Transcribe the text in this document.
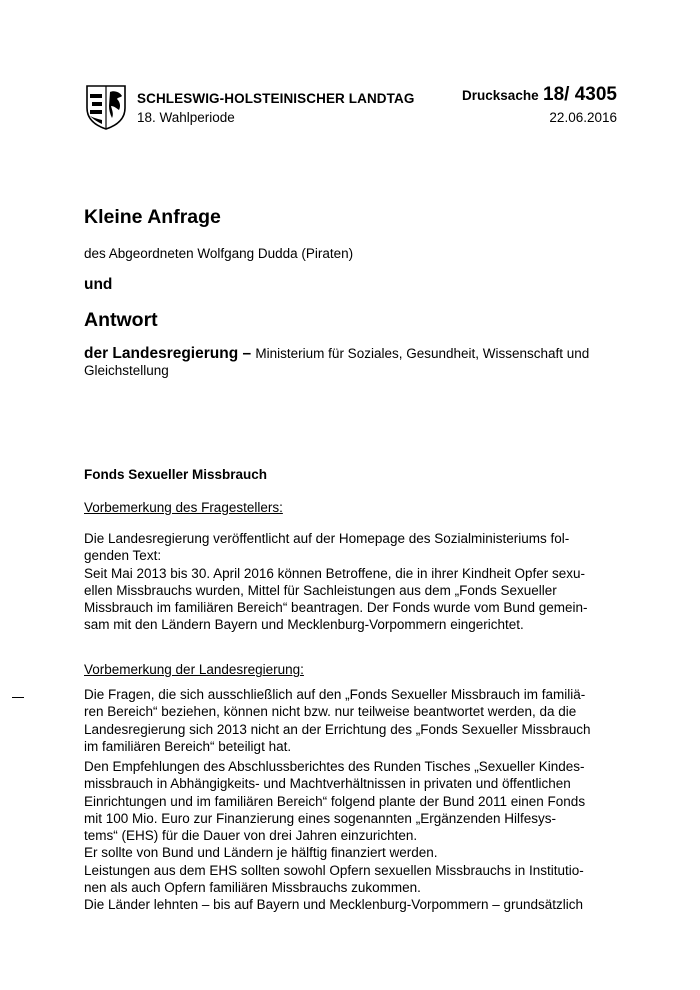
SCHLESWIG-HOLSTEINISCHER LANDTAG
18. Wahlperiode
Drucksache 18/ 4305
22.06.2016
Kleine Anfrage
des Abgeordneten Wolfgang Dudda (Piraten)
und
Antwort
der Landesregierung – Ministerium für Soziales, Gesundheit, Wissenschaft und Gleichstellung
Fonds Sexueller Missbrauch
Vorbemerkung des Fragestellers:
Die Landesregierung veröffentlicht auf der Homepage des Sozialministeriums fol-
genden Text:
Seit Mai 2013 bis 30. April 2016 können Betroffene, die in ihrer Kindheit Opfer sexu-
ellen Missbrauchs wurden, Mittel für Sachleistungen aus dem „Fonds Sexueller
Missbrauch im familiären Bereich“ beantragen. Der Fonds wurde vom Bund gemein-
sam mit den Ländern Bayern und Mecklenburg-Vorpommern eingerichtet.
Vorbemerkung der Landesregierung:
Die Fragen, die sich ausschließlich auf den „Fonds Sexueller Missbrauch im familiä-
ren Bereich“ beziehen, können nicht bzw. nur teilweise beantwortet werden, da die
Landesregierung sich 2013 nicht an der Errichtung des „Fonds Sexueller Missbrauch
im familiären Bereich“ beteiligt hat.
Den Empfehlungen des Abschlussberichtes des Runden Tisches „Sexueller Kindes-
missbrauch in Abhängigkeits- und Machtverhältnissen in privaten und öffentlichen
Einrichtungen und im familiären Bereich“ folgend plante der Bund 2011 einen Fonds
mit 100 Mio. Euro zur Finanzierung eines sogenannten „Ergänzenden Hilfesys-
tems“ (EHS) für die Dauer von drei Jahren einzurichten.
Er sollte von Bund und Ländern je hälftig finanziert werden.
Leistungen aus dem EHS sollten sowohl Opfern sexuellen Missbrauchs in Institutio-
nen als auch Opfern familiären Missbrauchs zukommen.
Die Länder lehnten – bis auf Bayern und Mecklenburg-Vorpommern – grundsätzlich
